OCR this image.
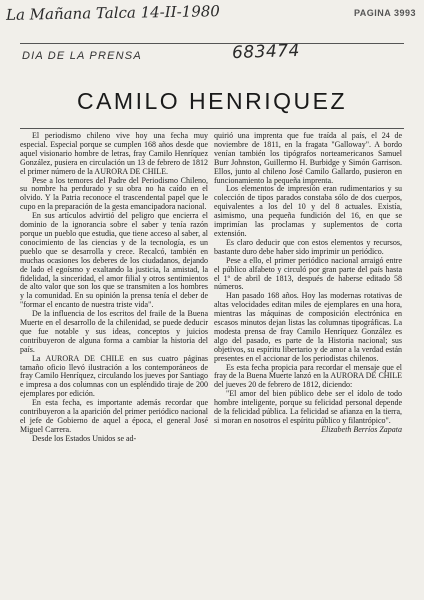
La Mañana Talca 14-II-1980	PAGINA 3993
683474
DIA DE LA PRENSA
CAMILO HENRIQUEZ

El periodismo chileno vive hoy una fecha muy especial. Especial porque se cumplen 168 años desde que aquel visionario hombre de letras, fray Camilo Henríquez González, pusiera en circulación un 13 de febrero de 1812 el primer número de la AURORA DE CHILE.

Pese a los temores del Padre del Periodismo Chileno, su nombre ha perdurado y su obra no ha caído en el olvido. Y la Patria reconoce el trascendental papel que le cupo en la preparación de la gesta emancipadora nacional.

En sus artículos advirtió del peligro que encierra el dominio de la ignorancia sobre el saber y tenía razón porque un pueblo que estudia, que tiene acceso al saber, al conocimiento de las ciencias y de la tecnología, es un pueblo que se desarrolla y crece. Recalcó, también en muchas ocasiones los deberes de los ciudadanos, dejando de lado el egoísmo y exaltando la justicia, la amistad, la fidelidad, la sinceridad, el amor filial y otros sentimientos de alto valor que son los que se transmiten a los hombres y la comunidad. En su opinión la prensa tenía el deber de "formar el encanto de nuestra triste vida".

De la influencia de los escritos del fraile de la Buena Muerte en el desarrollo de la chilenidad, se puede deducir que fue notable y sus ideas, conceptos y juicios contribuyeron de alguna forma a cambiar la historia del país.

La AURORA DE CHILE en sus cuatro páginas tamaño oficio llevó ilustración a los contemporáneos de fray Camilo Henríquez, circulando los jueves por Santiago e impresa a dos columnas con un espléndido tiraje de 200 ejemplares por edición.

En esta fecha, es importante además recordar que contribuyeron a la aparición del primer periódico nacional el jefe de Gobierno de aquel a época, el general José Miguel Carrera.

Desde los Estados Unidos se ad-

quirió una imprenta que fue traída al país, el 24 de noviembre de 1811, en la fragata "Galloway". A bordo venían también los tipógrafos norteamericanos Samuel Burr Johnston, Guillermo H. Burbidge y Simón Garrison. Ellos, junto al chileno José Camilo Gallardo, pusieron en funcionamiento la pequeña imprenta.

Los elementos de impresión eran rudimentarios y su colección de tipos parados constaba sólo de dos cuerpos, equivalentes a los del 10 y del 8 actuales. Existía, asimismo, una pequeña fundición del 16, en que se imprimían las proclamas y suplementos de corta extensión.

Es claro deducir que con estos elementos y recursos, bastante duro debe haber sido imprimir un periódico.

Pese a ello, el primer periódico nacional arraigó entre el público alfabeto y circuló por gran parte del país hasta el 1º de abril de 1813, después de haberse editado 58 números.

Han pasado 168 años. Hoy las modernas rotativas de altas velocidades editan miles de ejemplares en una hora, mientras las máquinas de composición electrónica en escasos minutos dejan listas las columnas tipográficas. La modesta prensa de fray Camilo Henríquez González es algo del pasado, es parte de la Historia nacional; sus objetivos, su espíritu libertario y de amor a la verdad están presentes en el accionar de los periodistas chilenos.

Es esta fecha propicia para recordar el mensaje que el fray de la Buena Muerte lanzó en la AURORA DE CHILE del jueves 20 de febrero de 1812, diciendo:

"El amor del bien público debe ser el ídolo de todo hombre inteligente, porque su felicidad personal depende de la felicidad pública. La felicidad se afianza en la tierra, si moran en nosotros el espíritu público y filantrópico".

Elizabeth Berríos Zapata
